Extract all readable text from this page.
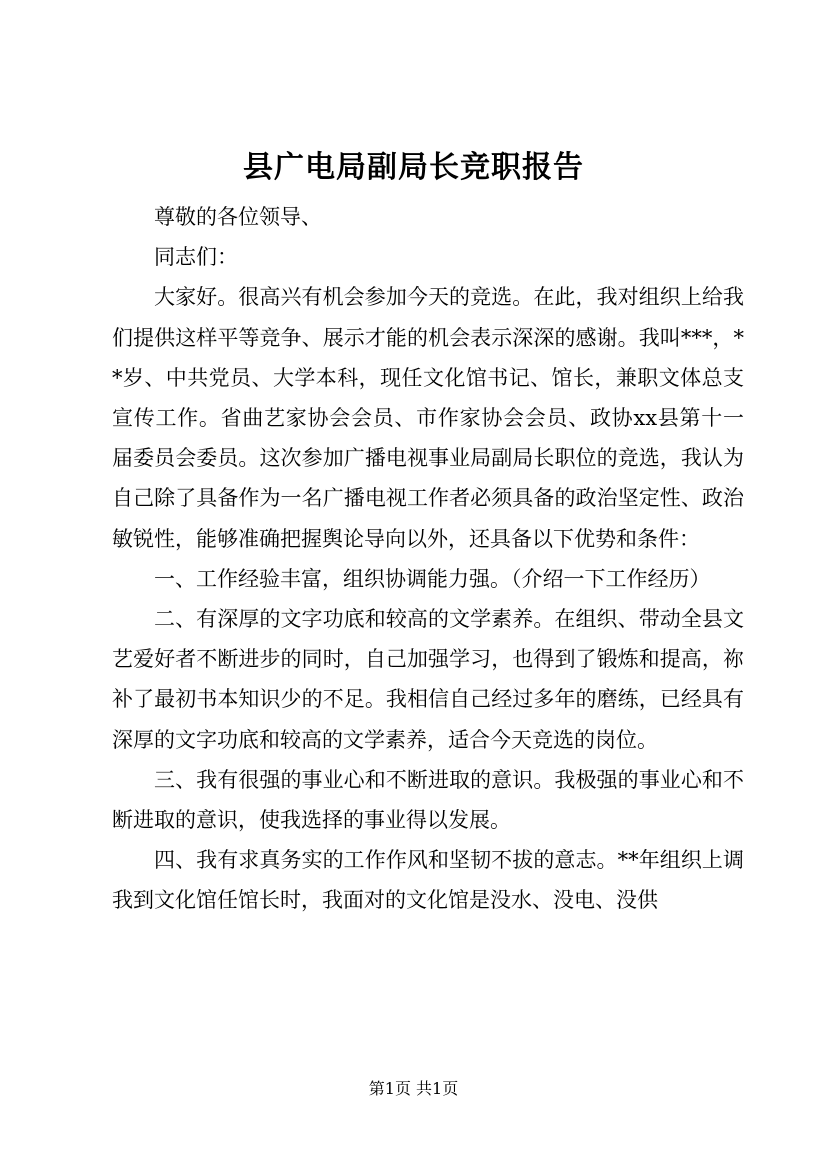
县广电局副局长竞职报告

尊敬的各位领导、

同志们：

大家好。很高兴有机会参加今天的竞选。在此，我对组织上给我们提供这样平等竞争、展示才能的机会表示深深的感谢。我叫***，**岁、中共党员、大学本科，现任文化馆书记、馆长，兼职文体总支宣传工作。省曲艺家协会会员、市作家协会会员、政协xx县第十一届委员会委员。这次参加广播电视事业局副局长职位的竞选，我认为自己除了具备作为一名广播电视工作者必须具备的政治坚定性、政治敏锐性，能够准确把握舆论导向以外，还具备以下优势和条件：

一、工作经验丰富，组织协调能力强。（介绍一下工作经历）

二、有深厚的文字功底和较高的文学素养。在组织、带动全县文艺爱好者不断进步的同时，自己加强学习，也得到了锻炼和提高，祢补了最初书本知识少的不足。我相信自己经过多年的磨练，已经具有深厚的文字功底和较高的文学素养，适合今天竞选的岗位。

三、我有很强的事业心和不断进取的意识。我极强的事业心和不断进取的意识，使我选择的事业得以发展。

四、我有求真务实的工作作风和坚韧不拔的意志。**年组织上调我到文化馆任馆长时，我面对的文化馆是没水、没电、没供

第1页 共1页
